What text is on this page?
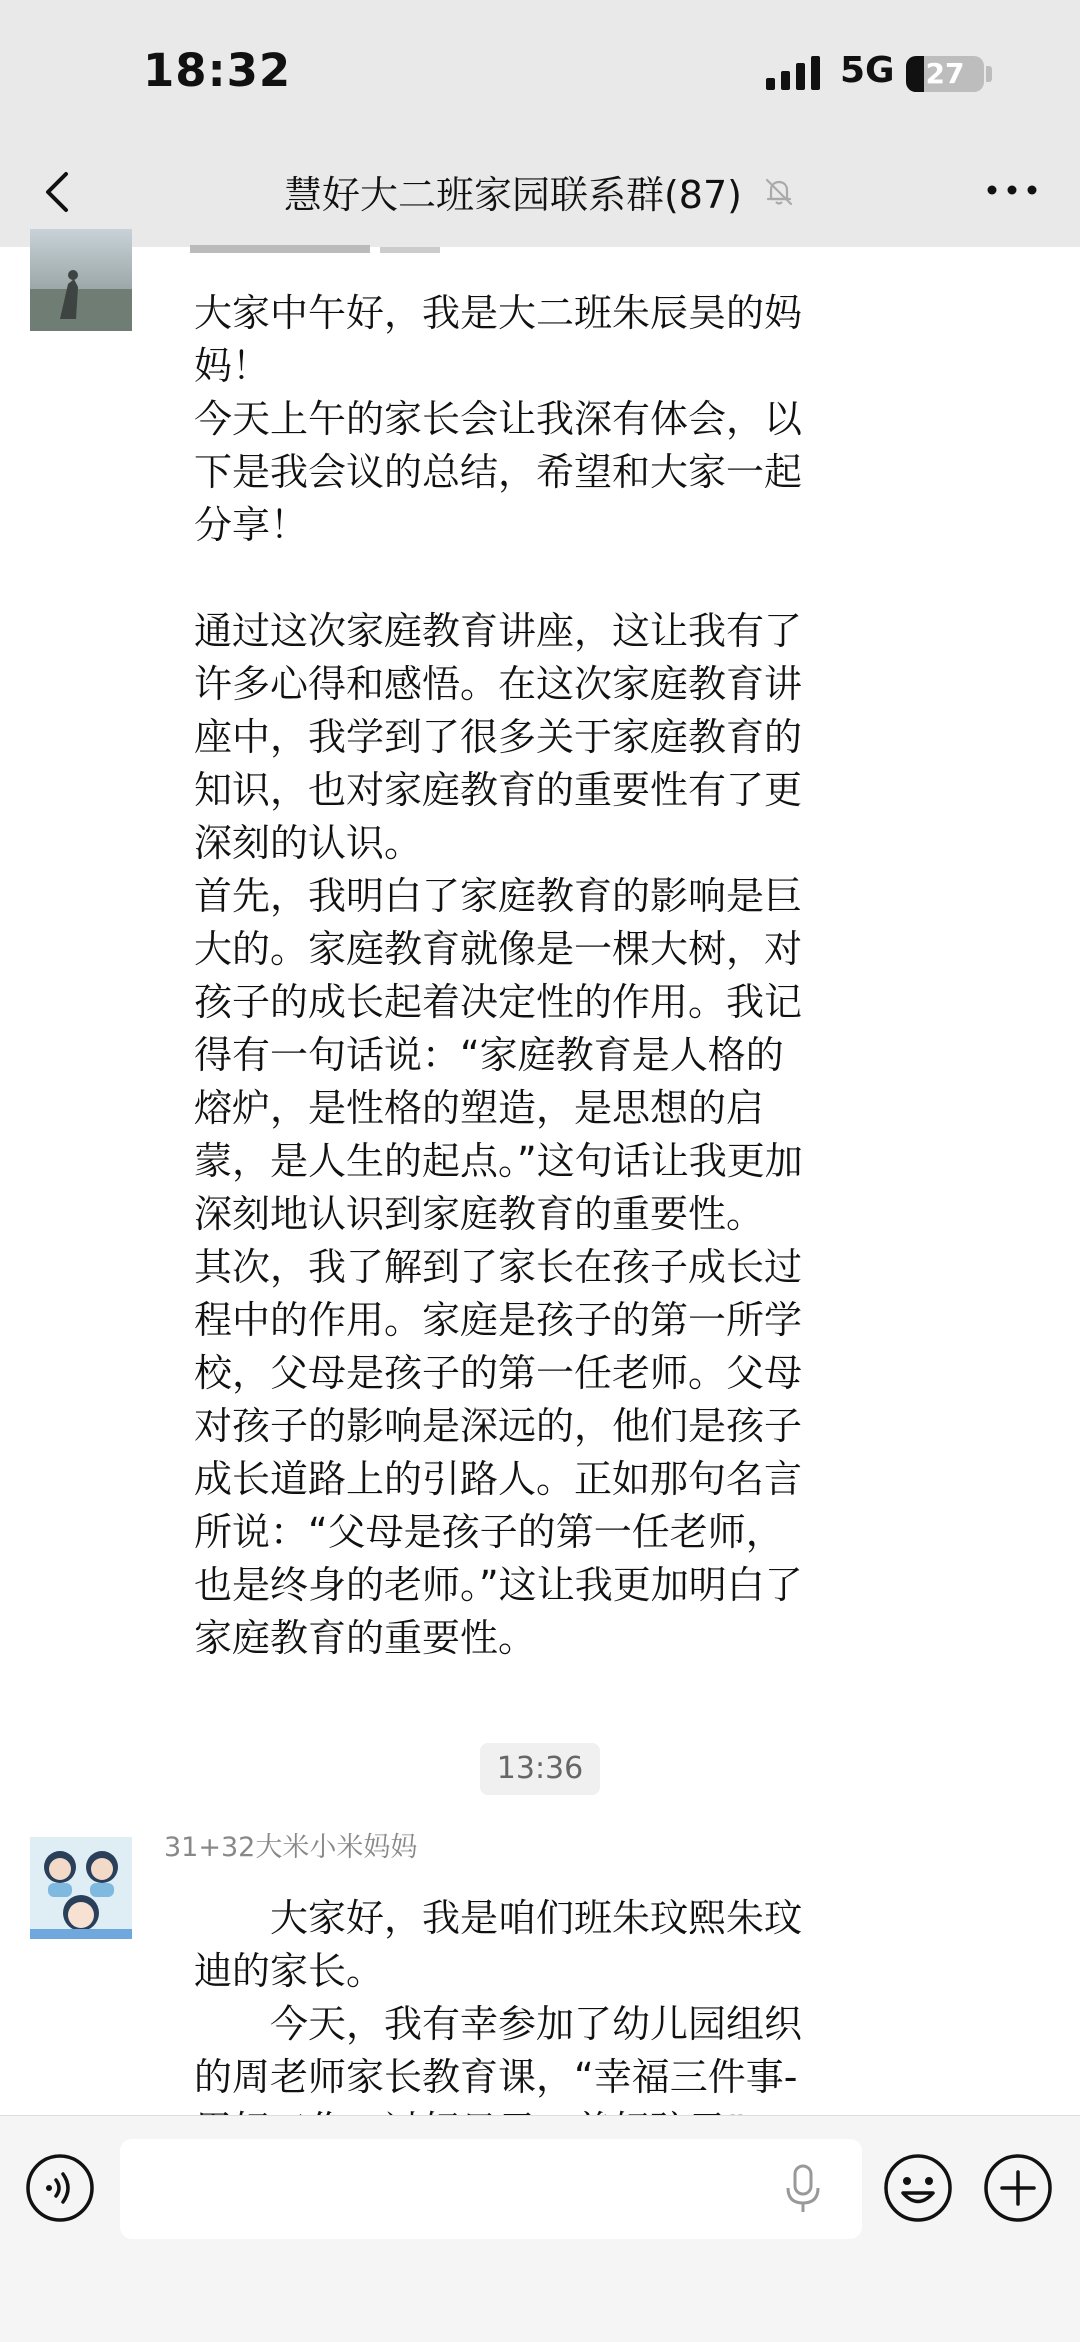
18:32	5G	27
慧好大二班家园联系群(87)

大家中午好，我是大二班朱辰昊的妈
妈！
今天上午的家长会让我深有体会，以
下是我会议的总结，希望和大家一起
分享！

通过这次家庭教育讲座，这让我有了
许多心得和感悟。在这次家庭教育讲
座中，我学到了很多关于家庭教育的
知识，也对家庭教育的重要性有了更
深刻的认识。
首先，我明白了家庭教育的影响是巨
大的。家庭教育就像是一棵大树，对
孩子的成长起着决定性的作用。我记
得有一句话说：“家庭教育是人格的
熔炉，是性格的塑造，是思想的启
蒙，是人生的起点。”这句话让我更加
深刻地认识到家庭教育的重要性。
其次，我了解到了家长在孩子成长过
程中的作用。家庭是孩子的第一所学
校，父母是孩子的第一任老师。父母
对孩子的影响是深远的，他们是孩子
成长道路上的引路人。正如那句名言
所说：“父母是孩子的第一任老师，
也是终身的老师。”这让我更加明白了
家庭教育的重要性。

13:36
31+32大米小米妈妈

　　大家好，我是咱们班朱玟熙朱玟
迪的家长。
　　今天，我有幸参加了幼儿园组织
的周老师家长教育课，“幸福三件事-
